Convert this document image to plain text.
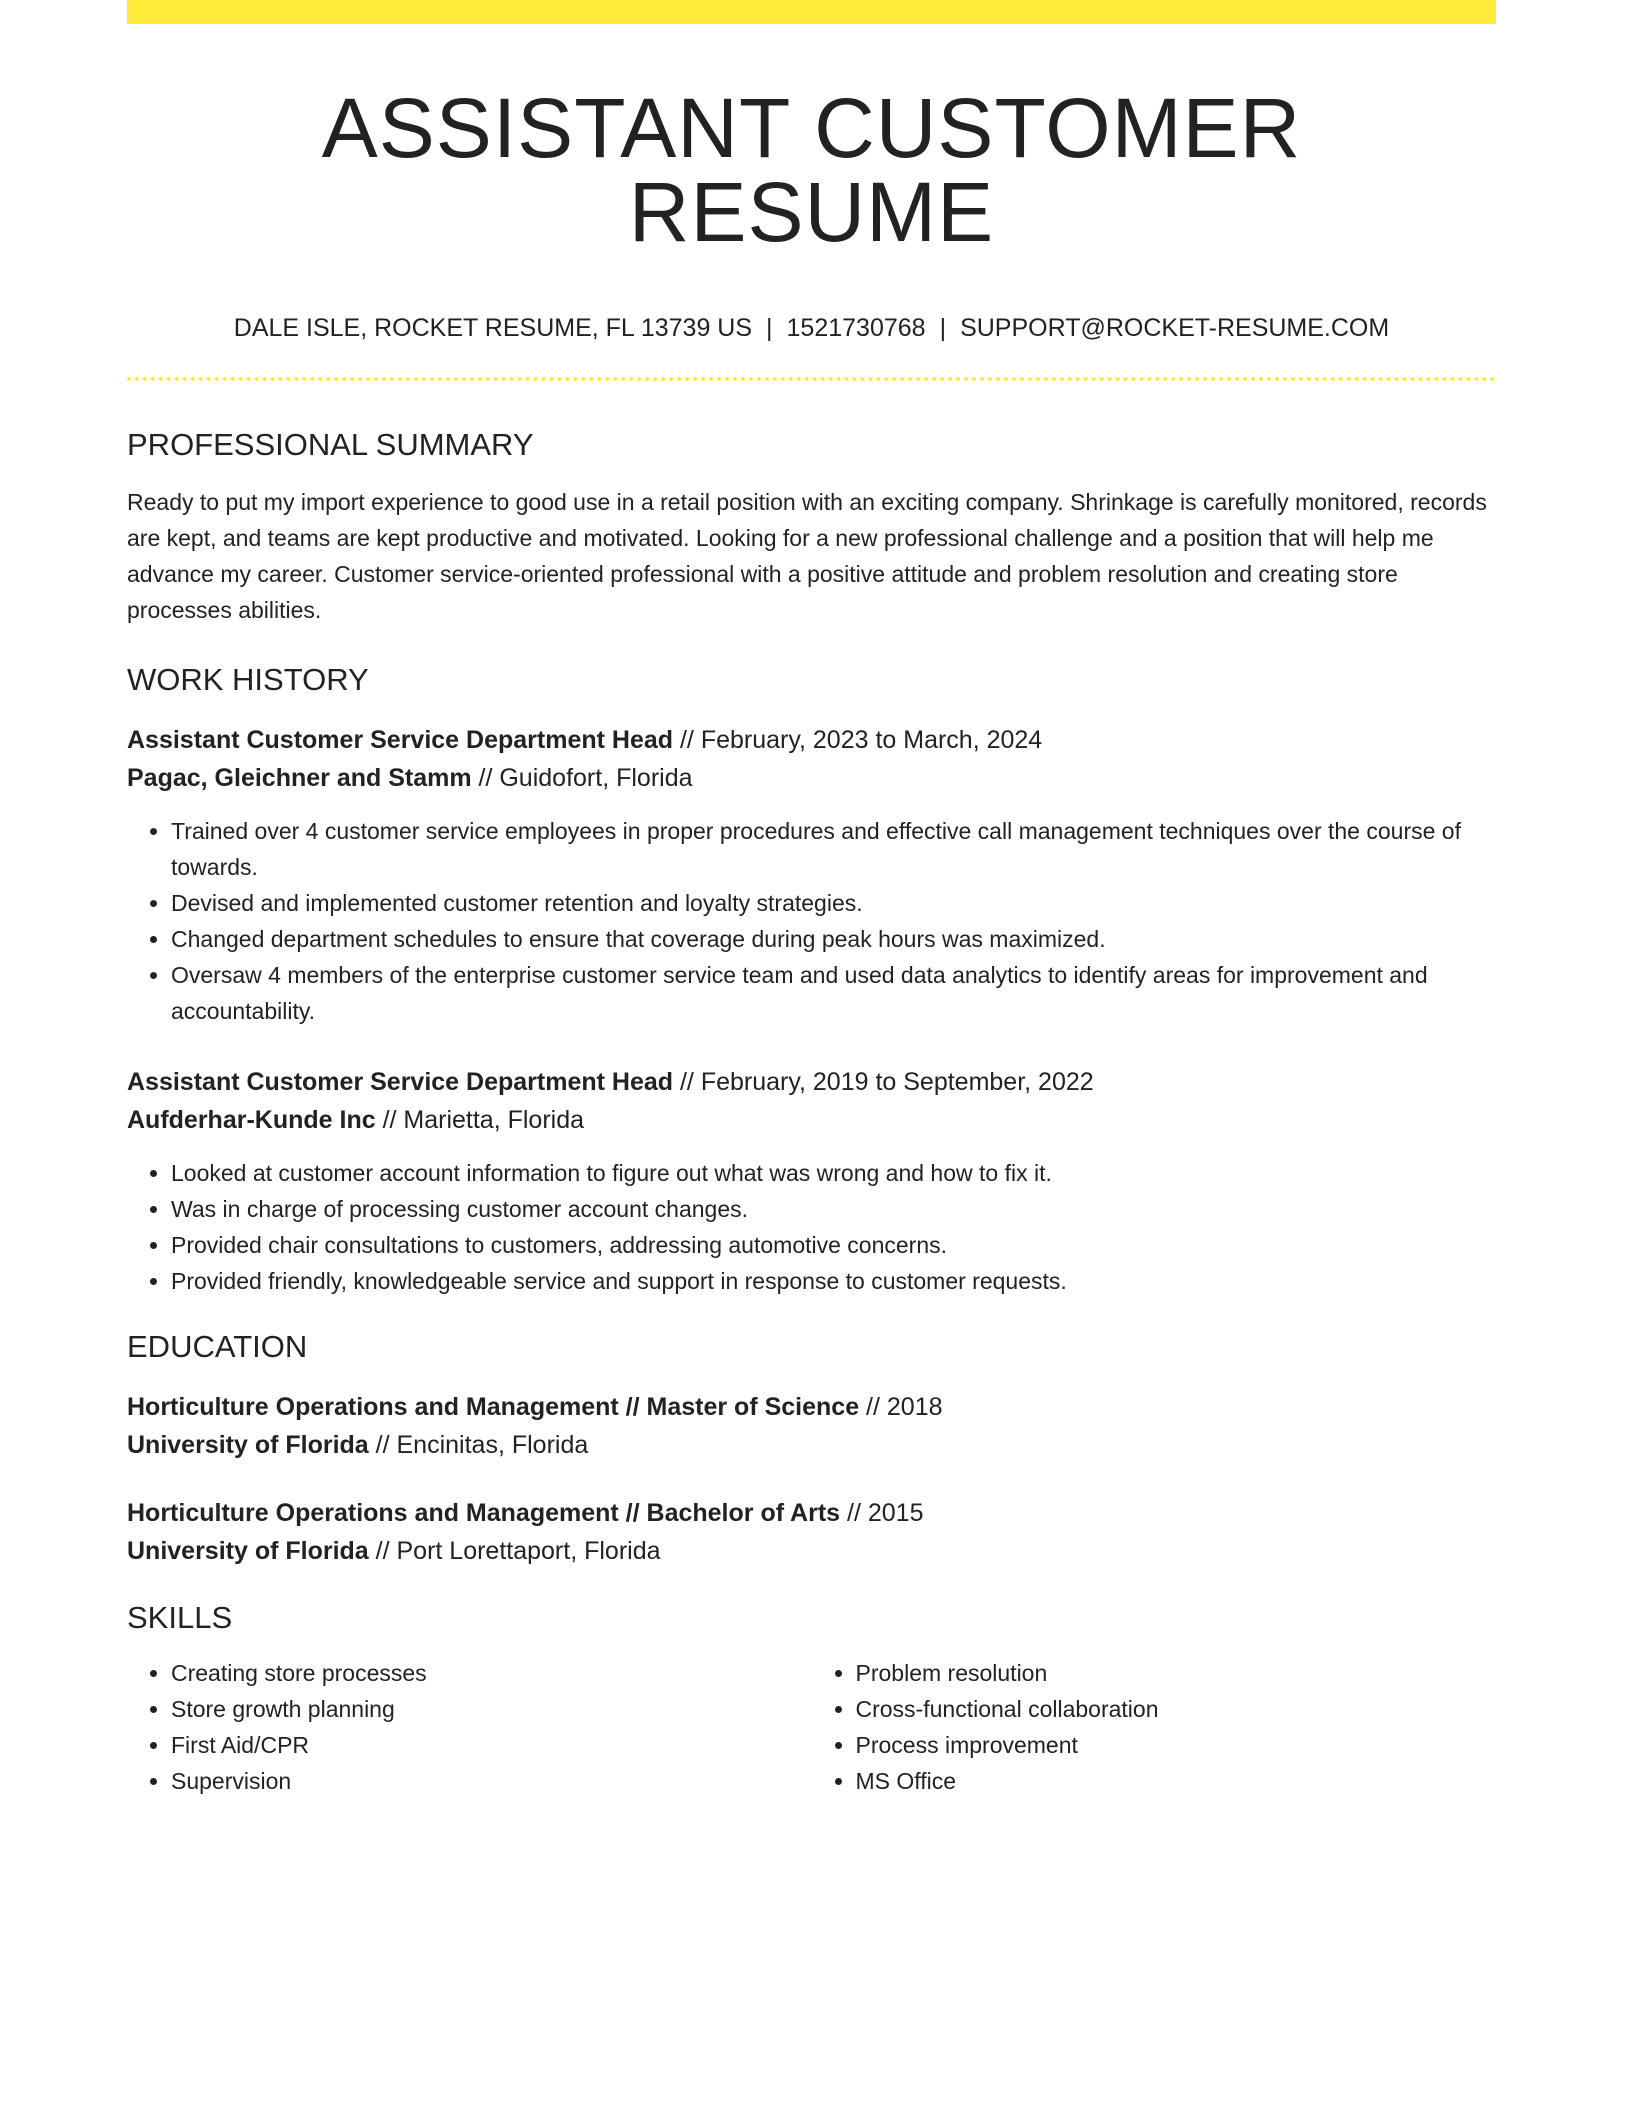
ASSISTANT CUSTOMER RESUME
DALE ISLE, ROCKET RESUME, FL 13739 US | 1521730768 | SUPPORT@ROCKET-RESUME.COM
PROFESSIONAL SUMMARY

Ready to put my import experience to good use in a retail position with an exciting company. Shrinkage is carefully monitored, records are kept, and teams are kept productive and motivated. Looking for a new professional challenge and a position that will help me advance my career. Customer service-oriented professional with a positive attitude and problem resolution and creating store processes abilities.

WORK HISTORY

Assistant Customer Service Department Head // February, 2023 to March, 2024

Pagac, Gleichner and Stamm // Guidofort, Florida

• Trained over 4 customer service employees in proper procedures and effective call management techniques over the course of towards.
• Devised and implemented customer retention and loyalty strategies.
• Changed department schedules to ensure that coverage during peak hours was maximized.
• Oversaw 4 members of the enterprise customer service team and used data analytics to identify areas for improvement and accountability.

Assistant Customer Service Department Head // February, 2019 to September, 2022

Aufderhar-Kunde Inc // Marietta, Florida

• Looked at customer account information to figure out what was wrong and how to fix it.
• Was in charge of processing customer account changes.
• Provided chair consultations to customers, addressing automotive concerns.
• Provided friendly, knowledgeable service and support in response to customer requests.
EDUCATION

Horticulture Operations and Management // Master of Science // 2018

University of Florida // Encinitas, Florida

Horticulture Operations and Management // Bachelor of Arts // 2015

University of Florida // Port Lorettaport, Florida

SKILLS
• Creating store processes
• Store growth planning
• First Aid/CPR
• Supervision
• Problem resolution
• Cross-functional collaboration
• Process improvement
• MS Office
